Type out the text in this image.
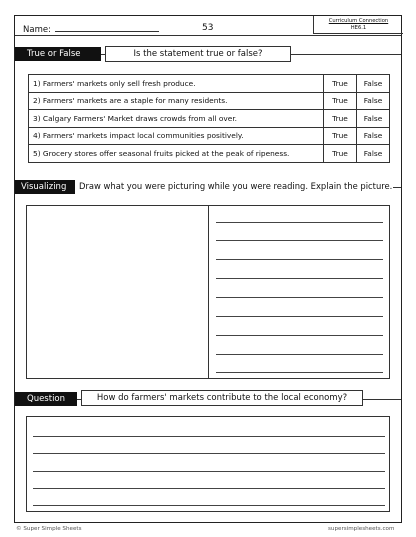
Name:	53
Curriculum Connection
HE6.1
True or False	Is the statement true or false?
1) Farmers' markets only sell fresh produce.	True	False
2) Farmers' markets are a staple for many residents.	True	False
3) Calgary Farmers' Market draws crowds from all over.	True	False
4) Farmers' markets impact local communities positively.	True	False
5) Grocery stores offer seasonal fruits picked at the peak of ripeness.	True	False
Visualizing	Draw what you were picturing while you were reading. Explain the picture.
Question	How do farmers' markets contribute to the local economy?
© Super Simple Sheets	supersimplesheets.com
